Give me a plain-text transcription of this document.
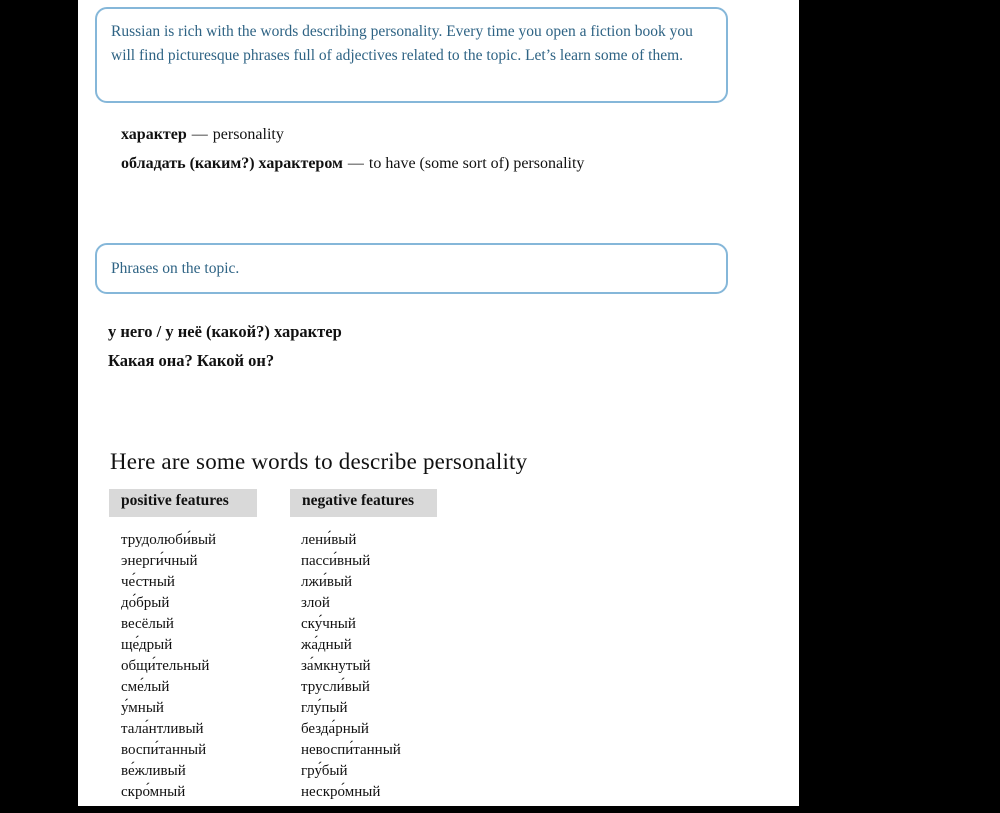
Russian is rich with the words describing personality. Every time you open a fiction book you will find picturesque phrases full of adjectives related to the topic. Let’s learn some of them.

характер — personality

обладать (каким?) характером — to have (some sort of) personality

Phrases on the topic.

у него / у неё (какой?) характер

Какая она? Какой он?

Here are some words to describe personality
positive features	negative features
трудолюби́вый
энерги́чный
че́стный
до́брый
весёлый
ще́дрый
общи́тельный
сме́лый
у́мный
тала́нтливый
воспи́танный
ве́жливый
скро́мный
лени́вый
пасси́вный
лжи́вый
злой
ску́чный
жа́дный
за́мкнутый
трусли́вый
глу́пый
безда́рный
невоспи́танный
гру́бый
нескро́мный
